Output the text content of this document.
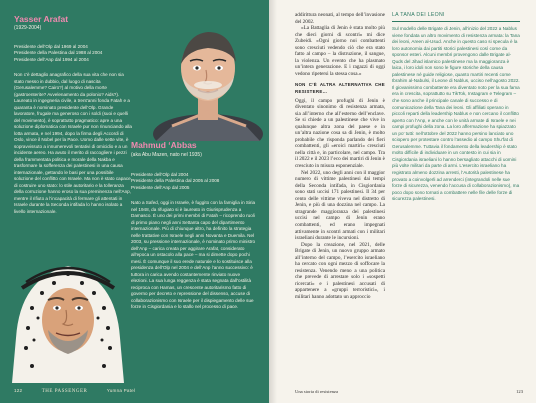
Yasser Arafat
(1929-2004)

Presidente dell’Olp dal 1969 al 2004

Presidente della Palestina dal 1988 al 2004

Presidente dell’Anp dal 1994 al 2004

Non c’è dettaglio anagrafico della sua vita che non sia stato messo in dubbio, dal luogo di nascita (Gerusalemme? Cairo?) al motivo della morte (gastroenterite? Avvelenamento da polonio? Aids?). Laureato in ingegneria civile, a trent’anni fonda Fatah e a quaranta è nominato presidente dell’Olp. Grande lavoratore, frugale ma generoso con i soldi (suoi e quelli del movimento), è soprattutto pragmatico: apre a una soluzione diplomatica con Israele pur non rinunciando alla lotta armata, e nel 1994, dopo la firma degli Accordi di Oslo, vince il Nobel per la Pace. Uomo dalle sette vite, è sopravvissuto a innumerevoli tentativi di omicidio e a un incidente aereo. Ha avuto il merito di raccogliere i pezzi della frammentata politica e morale della Nakba e trasformare la sofferenza dei palestinesi in una causa internazionale, gettando le basi per una possibile soluzione del conflitto con Israele. Ma non è stato capace di costruire uno stato: lo stile autoritario e la tolleranza della corruzione hanno eroso la sua preminenza nell’Anp, mentre il rifiuto a l’incapacità di fermare gli attentati in Israele durante la Seconda intifada lo hanno isolato a livello internazionale.

Mahmud ‘Abbas
(aka Abu Mazen, nato nel 1935)

Presidente dell’Olp dal 2004

Presidente della Palestina dal 2005 al 2008

Presidente dell’Anp dal 2005

Nato a Safed, oggi in Israele, è fuggito con la famiglia in Siria nel 1948, da rifugiato si è laureato in Giurisprudenza a Damasco. È uno dei primi membri di Fatah – ricoprendo ruoli di primo piano negli anni Settanta capo del dipartimento internazionale. Più di chiunque altro, ha definito la strategia nelle trattative con Israele negli anni Novanta e Duemila. Nel 2003, su pressione internazionale, è nominato primo ministro dell’Anp – carica creata per aggirare Arafat, considerato all’epoca un ostacolo alla pace – ma si dimette dopo pochi mesi. È comunque il suo erede naturale e lo sostituisce alla presidenza dell’Olp nel 2004 e dell’Anp l’anno successivo: è tuttora in carica avendo costantemente rinviato nuove elezioni. La sua lunga reggenza è stata segnata dall’ostilità reciproca con Hamas, un crescente autoritarismo fatto di governo per decreto e repressione del dissenso, accuse di collaborazionismo con Israele per il dispiegamento delle sue forze in Cisgiordania e lo stallo nel processo di pace.

122	THE PASSENGER	Yumna Patel

addirittura neonati, al tempo dell’invasione del 2002.

«La Battaglia di Jenin è stata molto più che dieci giorni di scontri» mi dice Zubeidi. «Ogni giorno noi combattenti sono cresciuti vedendo ciò che era stato fatto al campo – la distruzione, il sangue, la violenza. Un evento che ha plasmato un’intera generazione. E i ragazzi di oggi vedono ripetersi la stessa cosa.»

NON C’È ALTRA ALTERNATIVA CHE RESISTERE…

Oggi, il campo profughi di Jenin è diventato sinonimo di resistenza armata, sia all’interno che all’esterno dell’enclave. Se si chiede a un palestinese che vive in qualunque altra zona del paese e in un’altra nazione cosa sa di Jenin, è molto probabile che risponda parlando dei fieri combattenti, gli «eroici martiri» cresciuti nella città e, in particolare, nel campo. Tra il 2022 e il 2023 l’eco dei martiri di Jenin è cresciuto in misura esponenziale.

Nel 2022, uno degli anni con il maggior numero di vittime palestinesi dai tempi della Seconda intifada, in Cisgiordania sono stati uccisi 171 palestinesi. Il 34 per cento delle vittime viveva nel distretto di Jenin, e più di una dozzina nel campo. La stragrande maggioranza dei palestinesi uccisi nel campo di Jenin erano combattenti, ed erano impegnati attivamente in scontri armati con i militari israeliani durante le incursioni.

Dopo la creazione, nel 2021, delle Brigate di Jenin, un nuovo gruppo armato all’interno del campo, l’esercito israeliano ha cercato con ogni mezzo di soffocare la resistenza. Venendo meno a una politica che prevede di arrestare solo i «sospetti ricercati» e i palestinesi accusati di appartenere a «gruppi terroristici», i militari hanno adottato un approccio

LA TANA DEI LEONI
Sul modello delle Brigate di Jenin, all’inizio del 2022 a Nablus viene fondata un altro movimento di resistenza armata: la Tana dei leoni, Areen al-Usud. Anche in questo caso si specula è la loro autonomia dai partiti storici palestinesi così come da sponsor esteri. Alcuni membri provengono dalle Brigate al-Quds del Jihad islamico palestinese ma la maggioranza è laica, i loro idoli non sono le figure storiche della causa palestinese né guide religiose, quanto martiri recenti come Ibrahim al-Nabulsi, il Leone di Nablus, ucciso nell’agosto 2022. Il giovanissimo combattente era diventato noto per la sua fama era in crescita, soprattutto su TikTok, Instagram e Telegram – che sono anche il principale canale di successo e di comunicazione della Tana dei leoni. Gli affiliati operano in piccoli reparti della leadership Nablus e non cercano il conflitto aperto con l’Anp, e anche con le unità armate di Israele e nei campi profughi della zona. La loro affermazione ha spiazzato un po’ tutti: nell’ottobre del 2022 hanno persino lanciato uno sciopero per protestare contro l’assedio al campo Shu’fat di Gerusalemme. Tuttavia il fondamento della leadership è stato molto difficile di individuare in un contesto in cui sia in Cisgiordania israeliani lo hanno bersagliato attacchi di uomini più volte militari da parte di armi. L’esercito israeliano ha registrato almeno dozzina arresti, l’Autorità palestinese ha provato a coinvolgerli ad arrenderci (integrandoli nelle sue forze di sicurezza, venendo l’accusa di collaborazionismo), ma poco dopo sono tornati a combattere nelle file delle forze di sicurezza palestinesi.
Una storia di resistenza	123
